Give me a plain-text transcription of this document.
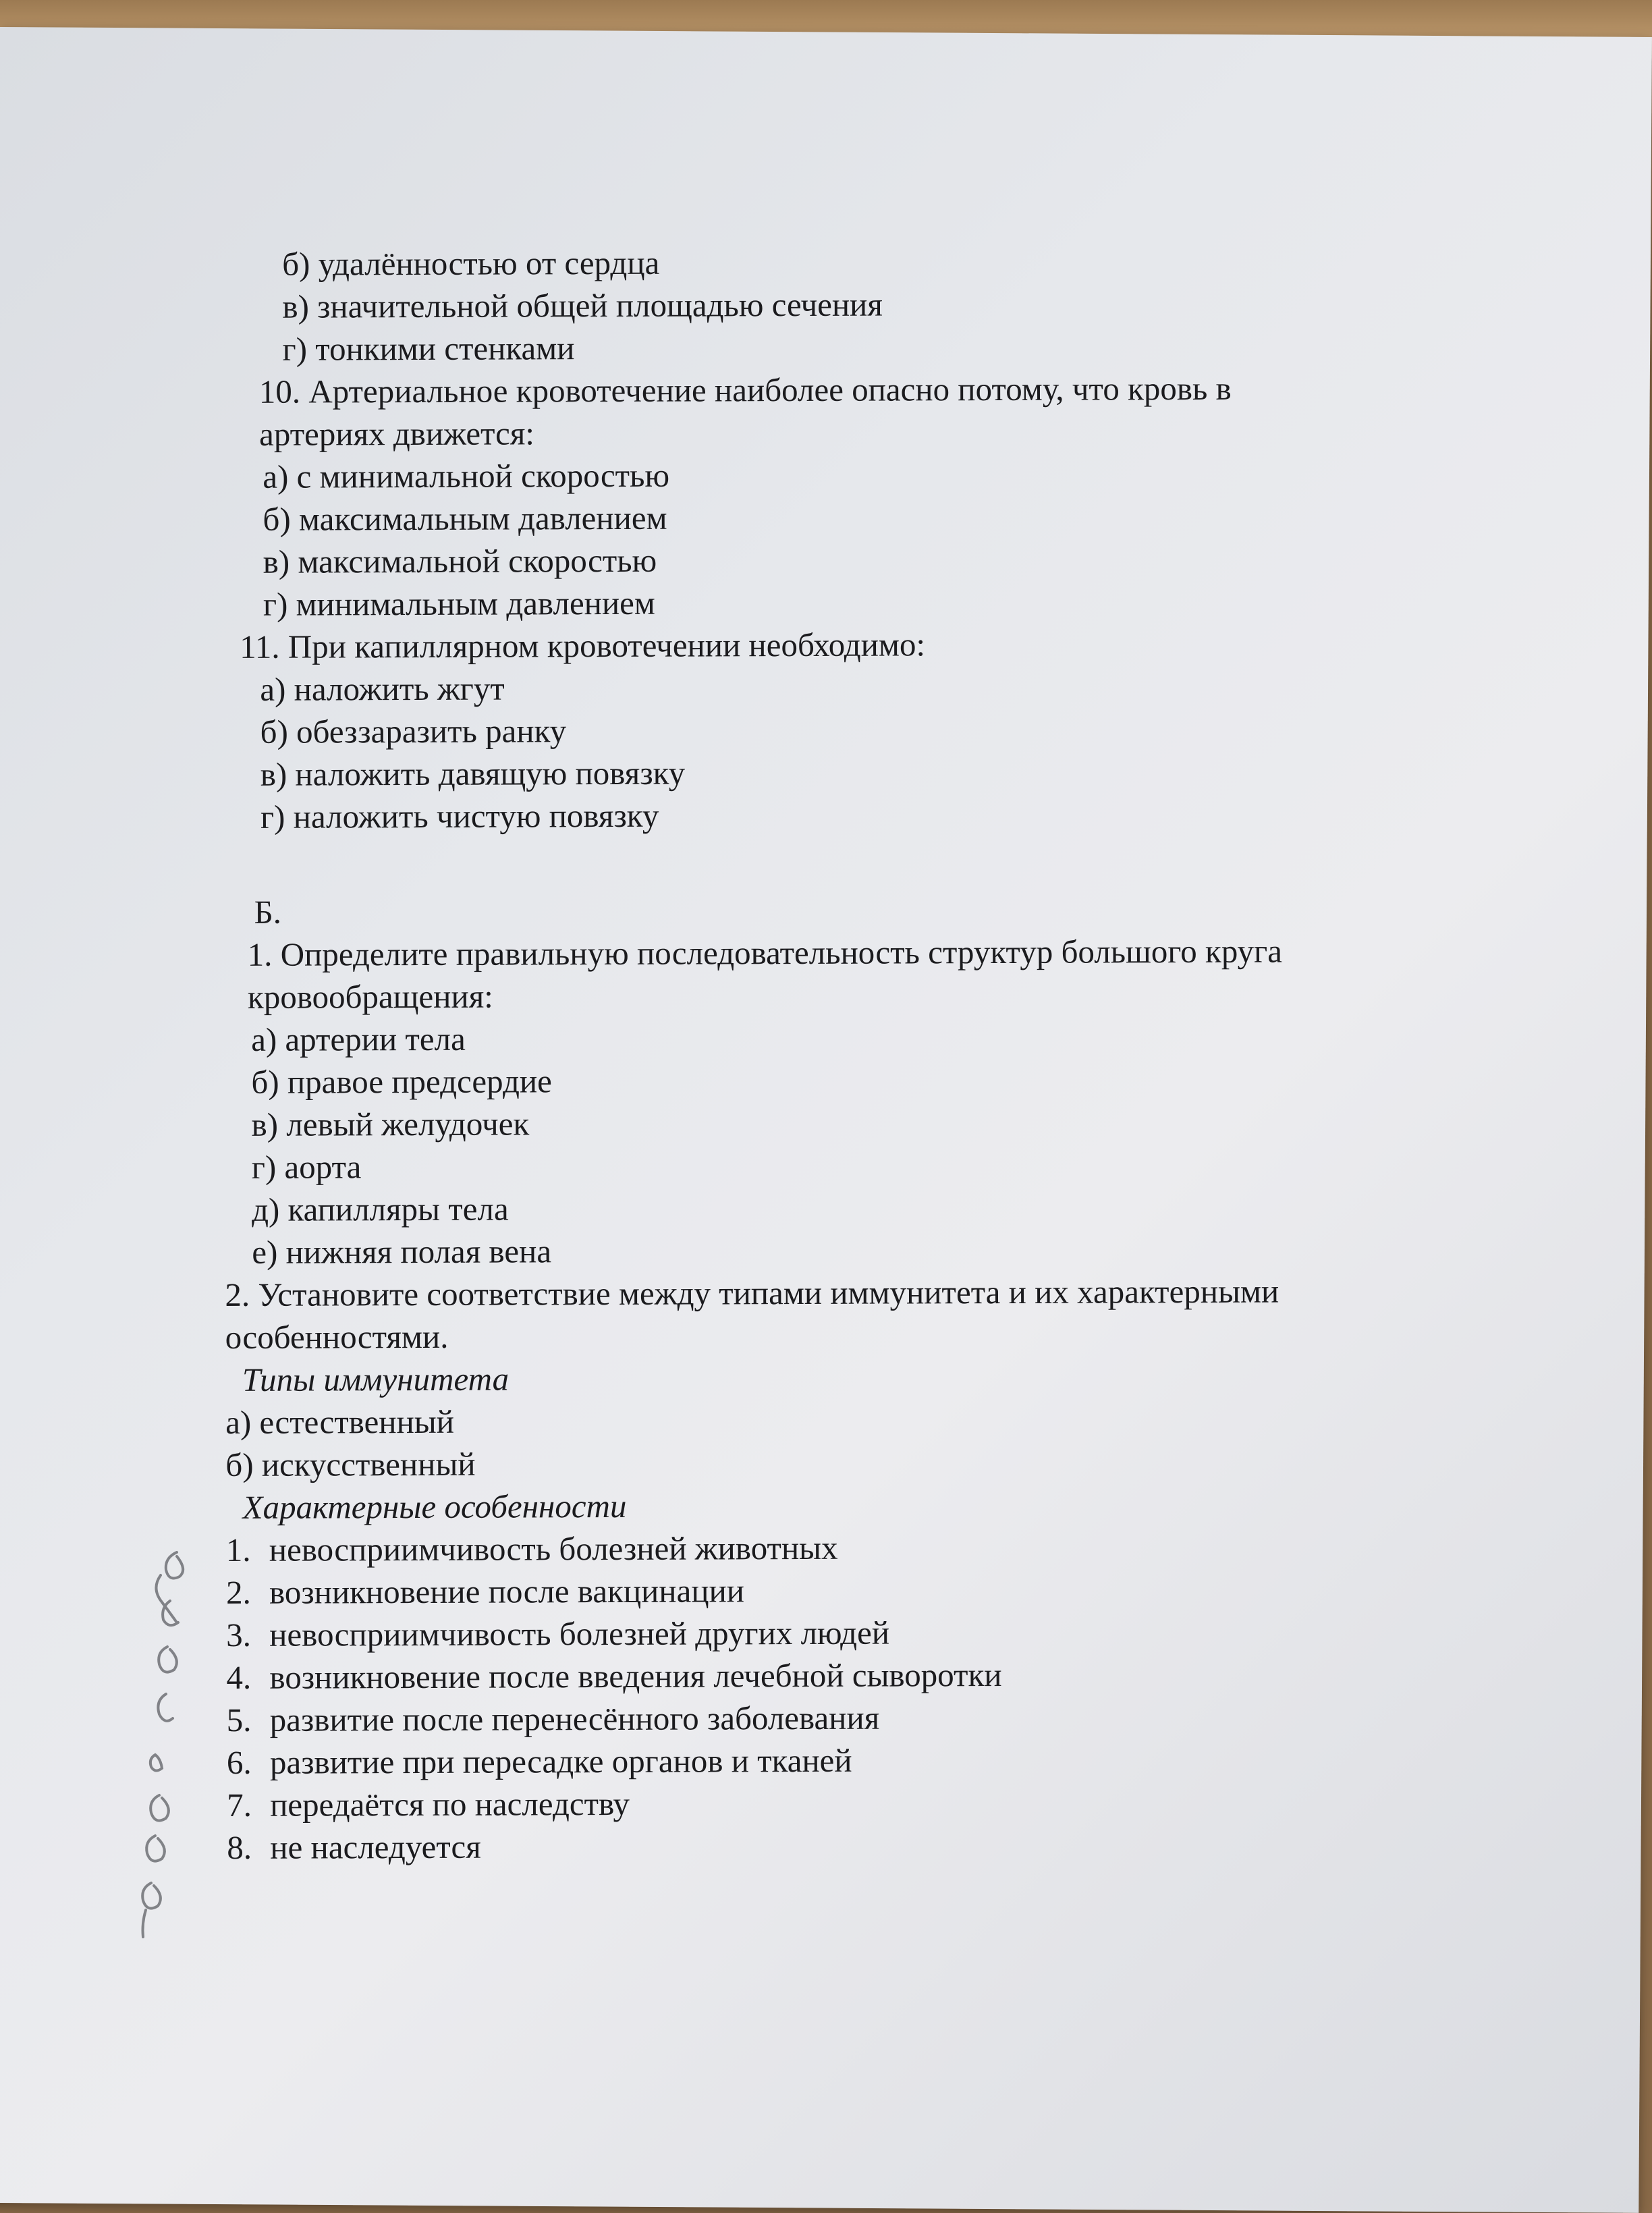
б) удалённостью от сердца
в) значительной общей площадью сечения
г) тонкими стенками
10. Артериальное кровотечение наиболее опасно потому, что кровь в
артериях движется:
а) с минимальной скоростью
б) максимальным давлением
в) максимальной скоростью
г) минимальным давлением
11. При капиллярном кровотечении необходимо:
а) наложить жгут
б) обеззаразить ранку
в) наложить давящую повязку
г) наложить чистую повязку
Б.
1. Определите правильную последовательность структур большого круга
кровообращения:
а) артерии тела
б) правое предсердие
в) левый желудочек
г) аорта
д) капилляры тела
е) нижняя полая вена
2. Установите соответствие между типами иммунитета и их характерными
особенностями.
Типы иммунитета
а) естественный
б) искусственный
Характерные особенности
1. невосприимчивость болезней животных
2. возникновение после вакцинации
3. невосприимчивость болезней других людей
4. возникновение после введения лечебной сыворотки
5. развитие после перенесённого заболевания
6. развитие при пересадке органов и тканей
7. передаётся по наследству
8. не наследуется
